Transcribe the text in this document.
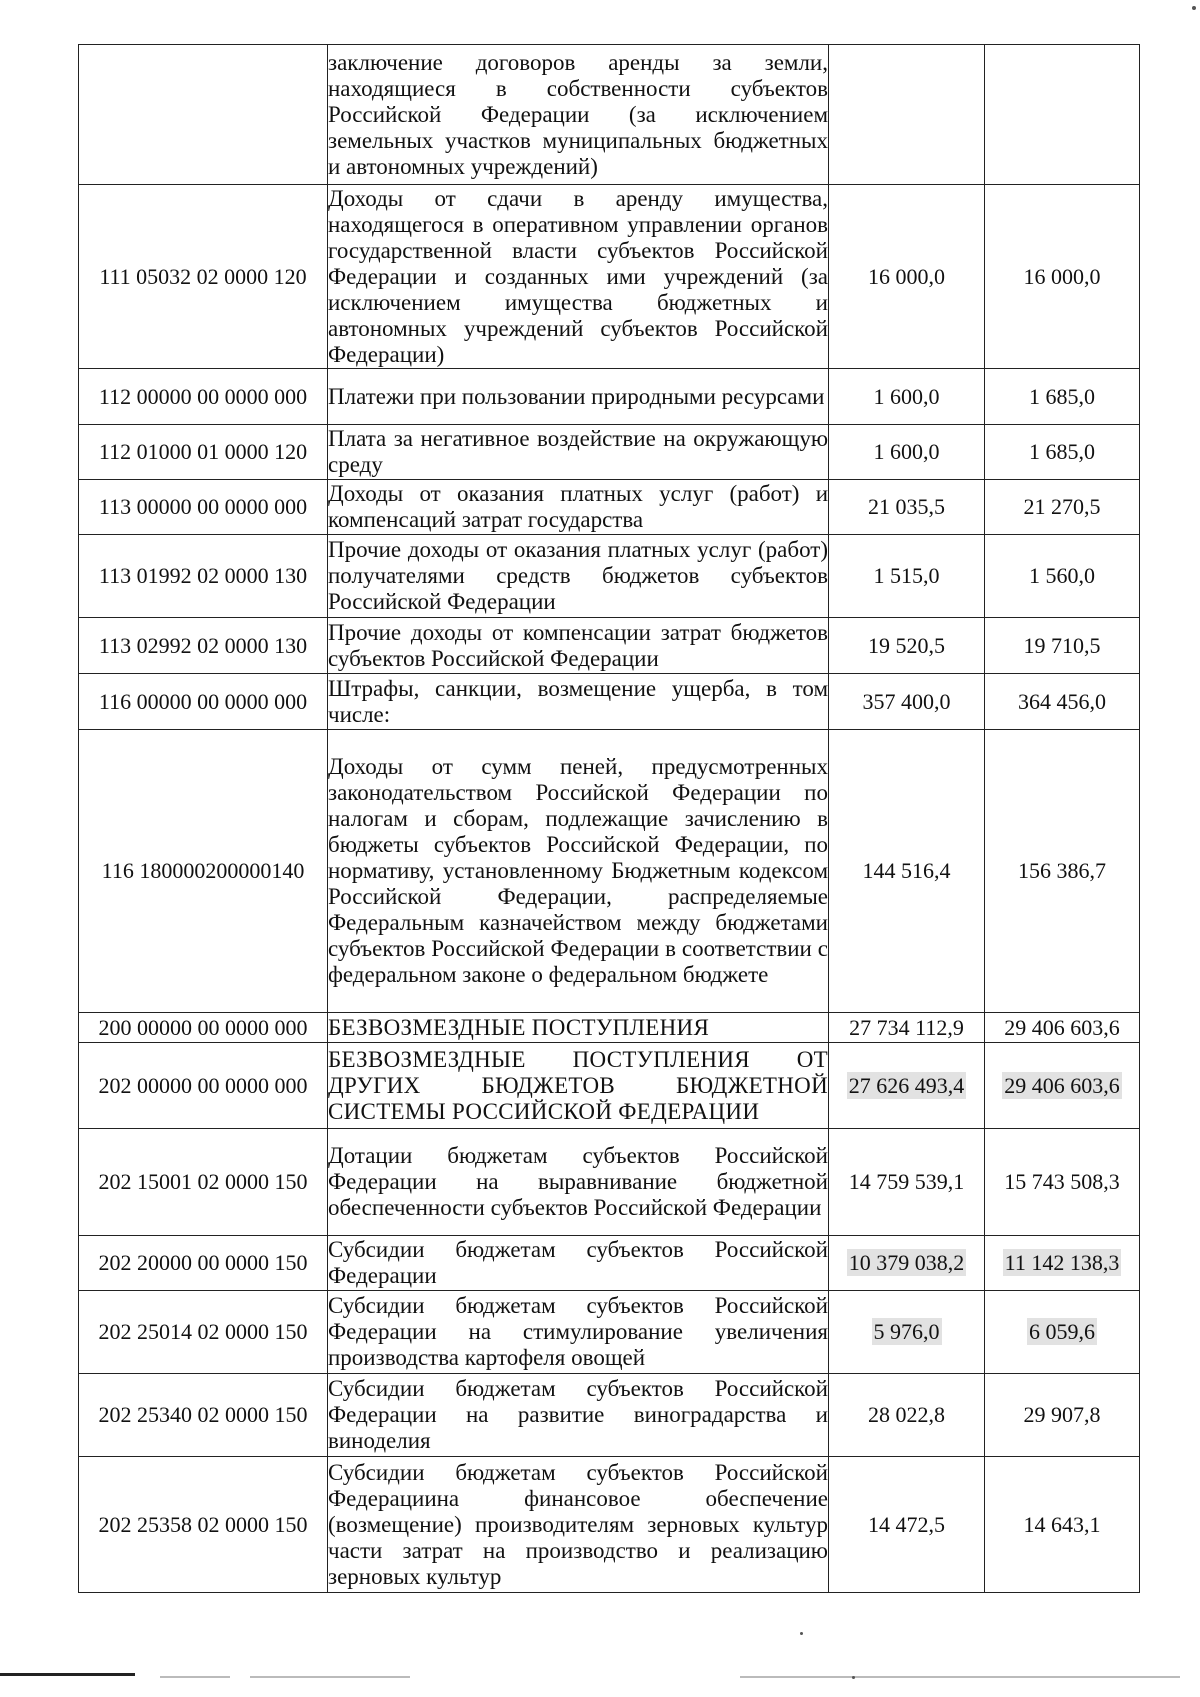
	заключение договоров аренды за земли, находящиеся в собственности субъектов Российской Федерации (за исключением земельных участков муниципальных бюджетных и автономных учреждений)		
111 05032 02 0000 120	Доходы от сдачи в аренду имущества, находящегося в оперативном управлении органов государственной власти субъектов Российской Федерации и созданных ими учреждений (за исключением имущества бюджетных и автономных учреждений субъектов Российской Федерации)	16 000,0	16 000,0
112 00000 00 0000 000	Платежи при пользовании природными ресурсами	1 600,0	1 685,0
112 01000 01 0000 120	Плата за негативное воздействие на окружающую среду	1 600,0	1 685,0
113 00000 00 0000 000	Доходы от оказания платных услуг (работ) и компенсаций затрат государства	21 035,5	21 270,5
113 01992 02 0000 130	Прочие доходы от оказания платных услуг (работ) получателями средств бюджетов субъектов Российской Федерации	1 515,0	1 560,0
113 02992 02 0000 130	Прочие доходы от компенсации затрат бюджетов субъектов Российской Федерации	19 520,5	19 710,5
116 00000 00 0000 000	Штрафы, санкции, возмещение ущерба, в том числе:	357 400,0	364 456,0
116 180000200000140	Доходы от сумм пеней, предусмотренных законодательством Российской Федерации по налогам и сборам, подлежащие зачислению в бюджеты субъектов Российской Федерации, по нормативу, установленному Бюджетным кодексом Российской Федерации, распределяемые Федеральным казначейством между бюджетами субъектов Российской Федерации в соответствии с федеральном законе о федеральном бюджете	144 516,4	156 386,7
200 00000 00 0000 000	БЕЗВОЗМЕЗДНЫЕ ПОСТУПЛЕНИЯ	27 734 112,9	29 406 603,6
202 00000 00 0000 000	БЕЗВОЗМЕЗДНЫЕ ПОСТУПЛЕНИЯ ОТ ДРУГИХ БЮДЖЕТОВ БЮДЖЕТНОЙ СИСТЕМЫ РОССИЙСКОЙ ФЕДЕРАЦИИ	27 626 493,4	29 406 603,6
202 15001 02 0000 150	Дотации бюджетам субъектов Российской Федерации на выравнивание бюджетной обеспеченности субъектов Российской Федерации	14 759 539,1	15 743 508,3
202 20000 00 0000 150	Субсидии бюджетам субъектов Российской Федерации	10 379 038,2	11 142 138,3
202 25014 02 0000 150	Субсидии бюджетам субъектов Российской Федерации на стимулирование увеличения производства картофеля овощей	5 976,0	6 059,6
202 25340 02 0000 150	Субсидии бюджетам субъектов Российской Федерации на развитие виноградарства и виноделия	28 022,8	29 907,8
202 25358 02 0000 150	Субсидии бюджетам субъектов Российской Федерациина финансовое обеспечение (возмещение) производителям зерновых культур части затрат на производство и реализацию зерновых культур	14 472,5	14 643,1
